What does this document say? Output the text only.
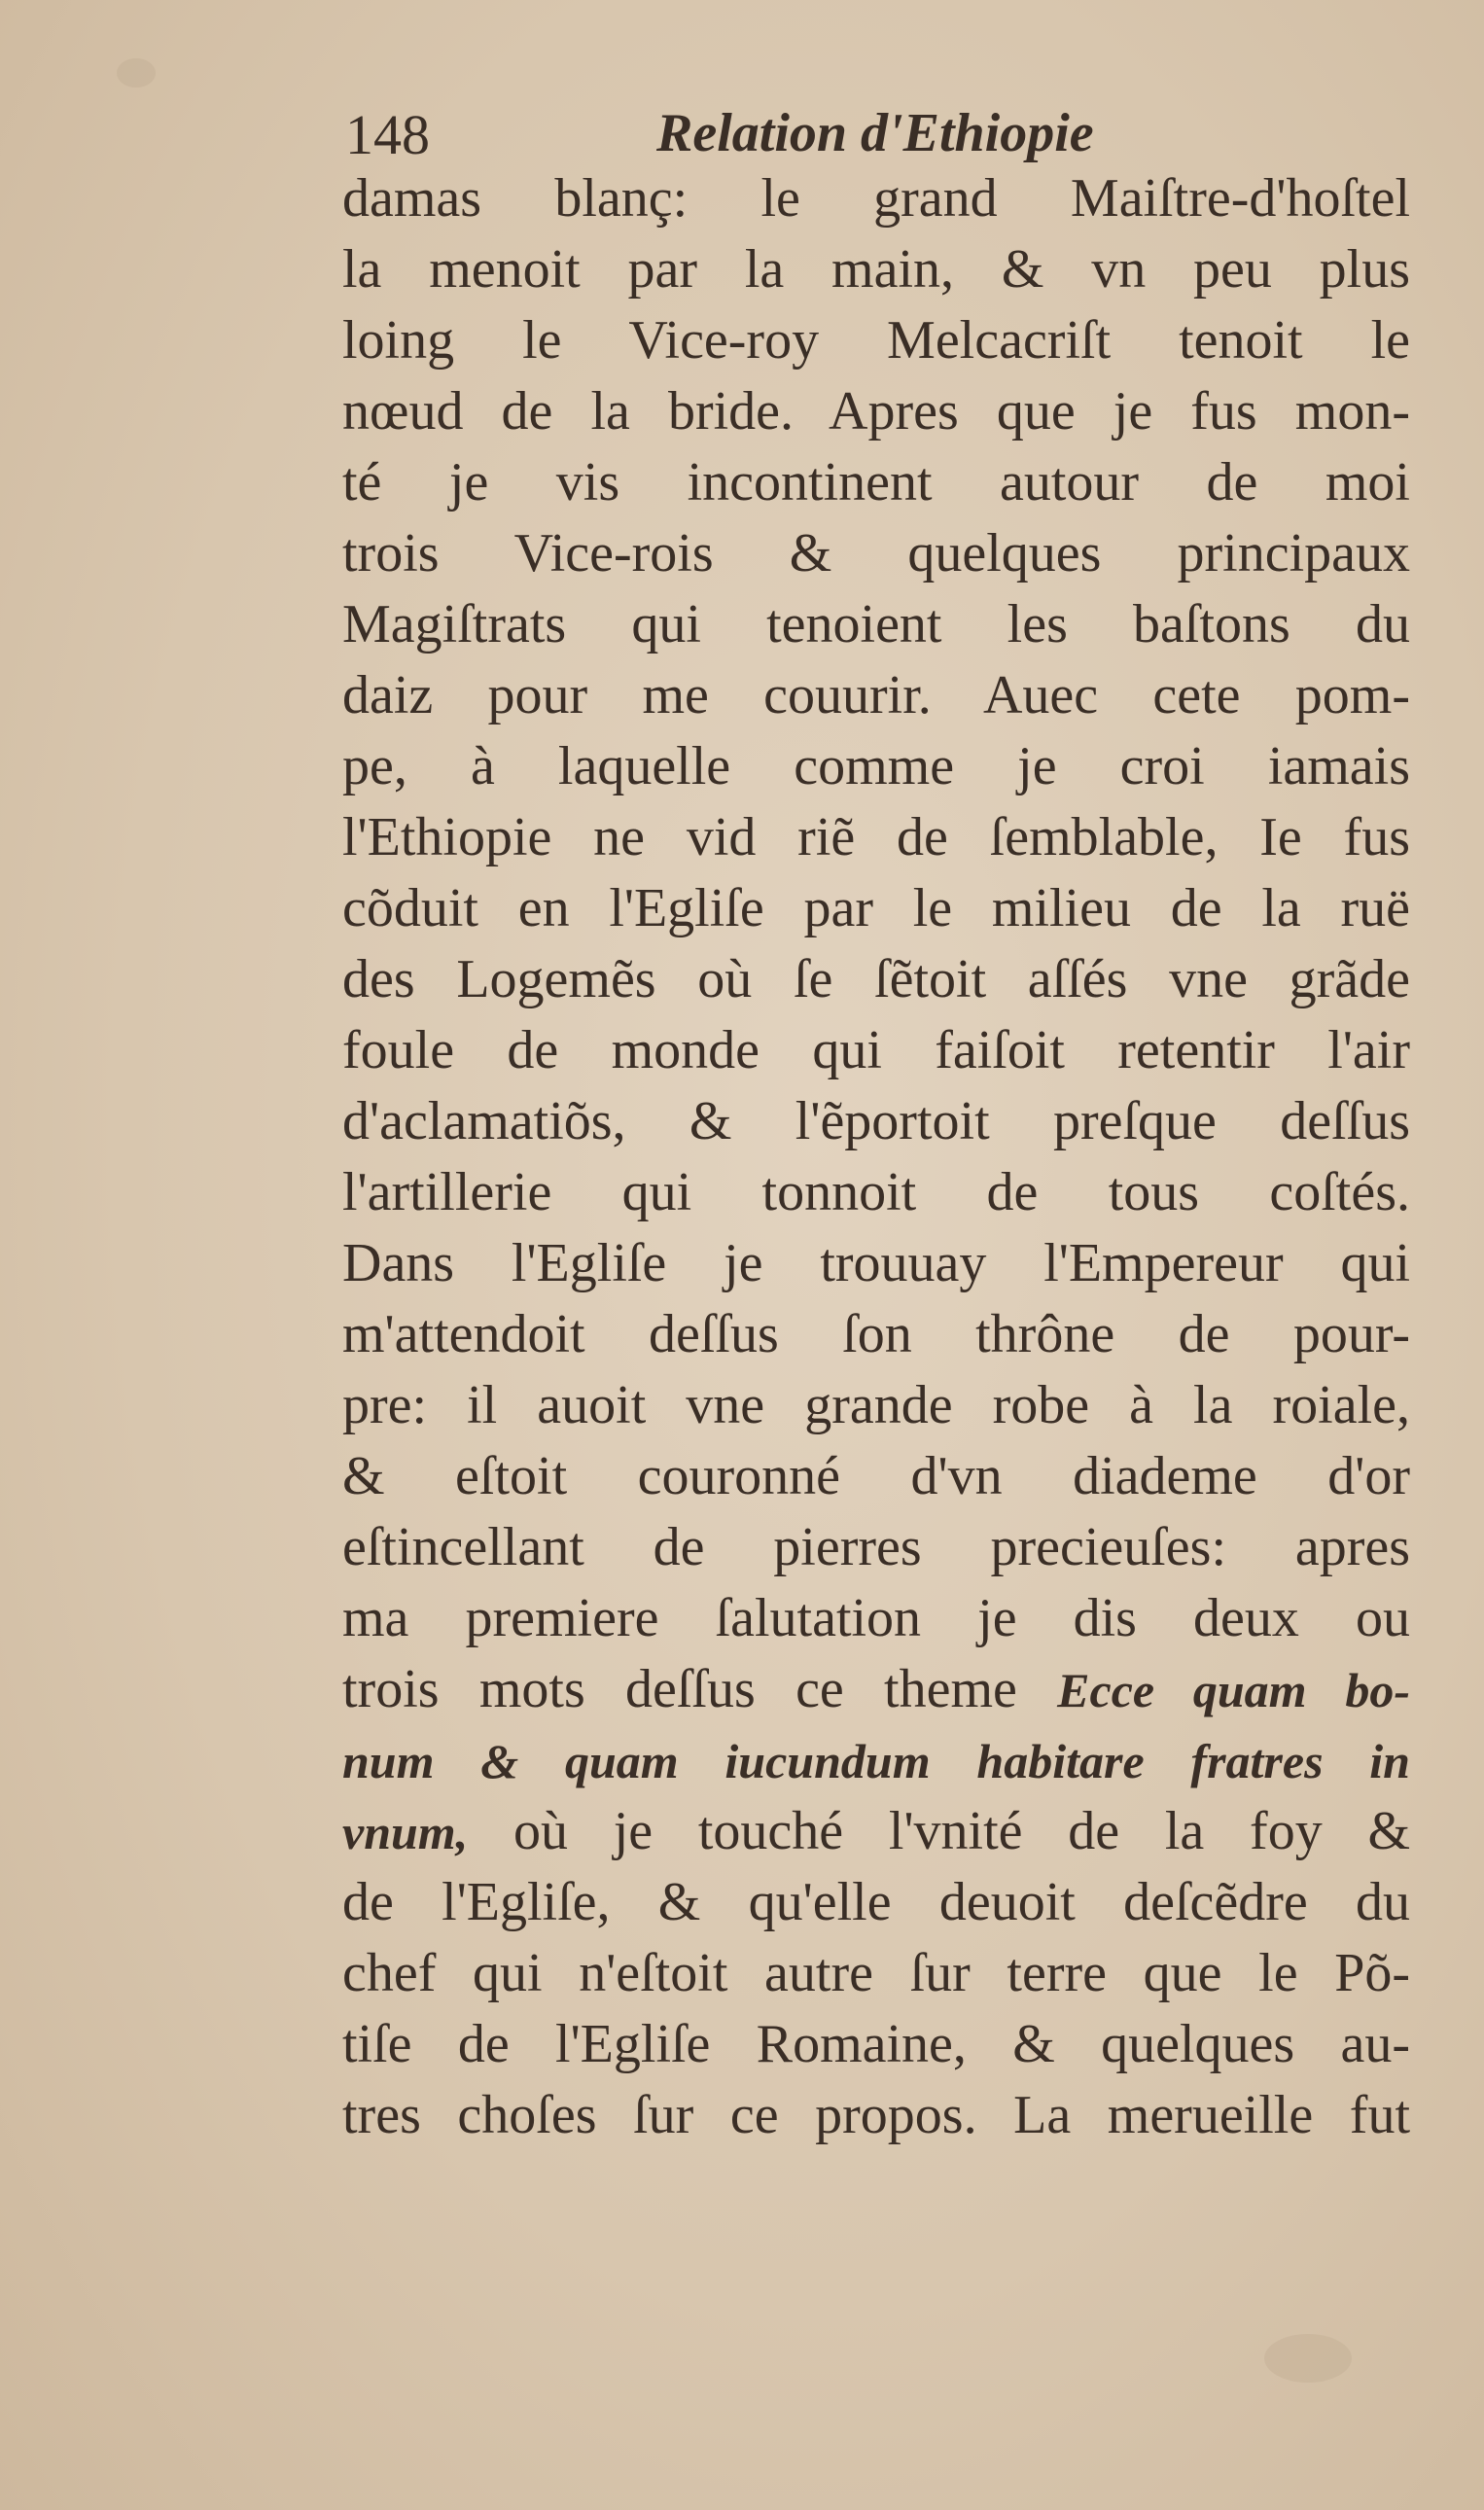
148	Relation d'Ethiopie
damas blanç: le grand Maiſtre-d'hoſtel
la menoit par la main, & vn peu plus
loing le Vice-roy Melcacriſt tenoit le
nœud de la bride. Apres que je fus mon-
té je vis incontinent autour de moi
trois Vice-rois & quelques principaux
Magiſtrats qui tenoient les baſtons du
daiz pour me couurir. Auec cete pom-
pe, à laquelle comme je croi iamais
l'Ethiopie ne vid riẽ de ſemblable, Ie fus
cõduit en l'Egliſe par le milieu de la ruë
des Logemẽs où ſe ſẽtoit aſſés vne grãde
foule de monde qui faiſoit retentir l'air
d'aclamatiõs, & l'ẽportoit preſque deſſus
l'artillerie qui tonnoit de tous coſtés.
Dans l'Egliſe je trouuay l'Empereur qui
m'attendoit deſſus ſon thrône de pour-
pre: il auoit vne grande robe à la roiale,
& eſtoit couronné d'vn diademe d'or
eſtincellant de pierres precieuſes: apres
ma premiere ſalutation je dis deux ou
trois mots deſſus ce theme Ecce quam bo-
num & quam iucundum habitare fratres in
vnum, où je touché l'vnité de la foy &
de l'Egliſe, & qu'elle deuoit deſcẽdre du
chef qui n'eſtoit autre ſur terre que le Põ-
tiſe de l'Egliſe Romaine, & quelques au-
tres choſes ſur ce propos. La merueille fut
